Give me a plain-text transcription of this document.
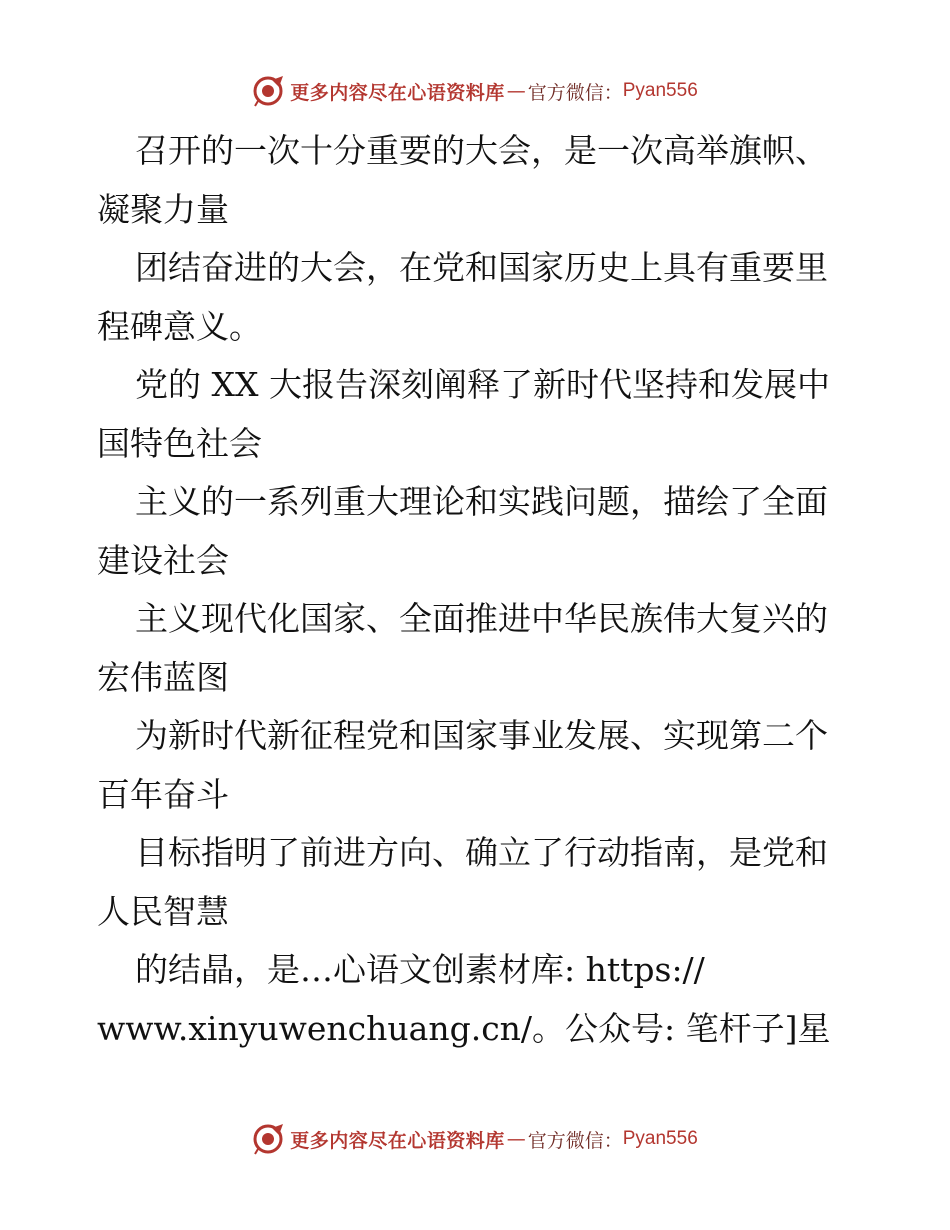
更多内容尽在心语资料库 — 官方微信： Pyan556
召开的一次十分重要的大会，是一次高举旗帜、
凝聚力量
团结奋进的大会，在党和国家历史上具有重要里
程碑意义。
党的 XX 大报告深刻阐释了新时代坚持和发展中
国特色社会
主义的一系列重大理论和实践问题，描绘了全面
建设社会
主义现代化国家、全面推进中华民族伟大复兴的
宏伟蓝图
为新时代新征程党和国家事业发展、实现第二个
百年奋斗
目标指明了前进方向、确立了行动指南，是党和
人民智慧
的结晶，是…心语文创素材库: https://
www.xinyuwenchuang.cn/。公众号: 笔杆子]星
更多内容尽在心语资料库 — 官方微信： Pyan556
